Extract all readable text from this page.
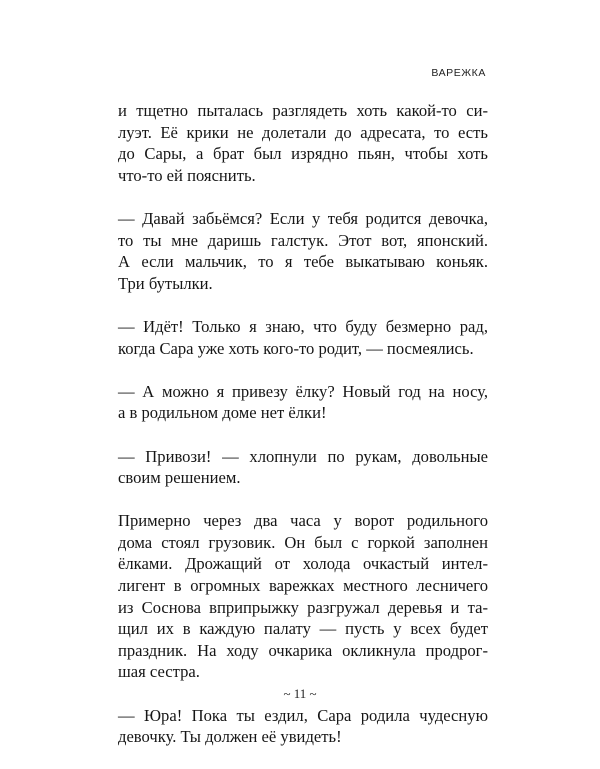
ВАРЕЖКА

и тщетно пыталась разглядеть хоть какой-то си-
луэт. Её крики не долетали до адресата, то есть
до Сары, а брат был изрядно пьян, чтобы хоть
что-то ей пояснить.

— Давай забьёмся? Если у тебя родится девочка,
то ты мне даришь галстук. Этот вот, японский.
А если мальчик, то я тебе выкатываю коньяк.
Три бутылки.

— Идёт! Только я знаю, что буду безмерно рад,
когда Сара уже хоть кого-то родит, — посмеялись.

— А можно я привезу ёлку? Новый год на носу,
а в родильном доме нет ёлки!

— Привози! — хлопнули по рукам, довольные
своим решением.

Примерно через два часа у ворот родильного
дома стоял грузовик. Он был с горкой заполнен
ёлками. Дрожащий от холода очкастый интел-
лигент в огромных варежках местного лесничего
из Соснова вприпрыжку разгружал деревья и та-
щил их в каждую палату — пусть у всех будет
праздник. На ходу очкарика окликнула продрог-
шая сестра.

— Юра! Пока ты ездил, Сара родила чудесную
девочку. Ты должен её увидеть!

~ 11 ~
